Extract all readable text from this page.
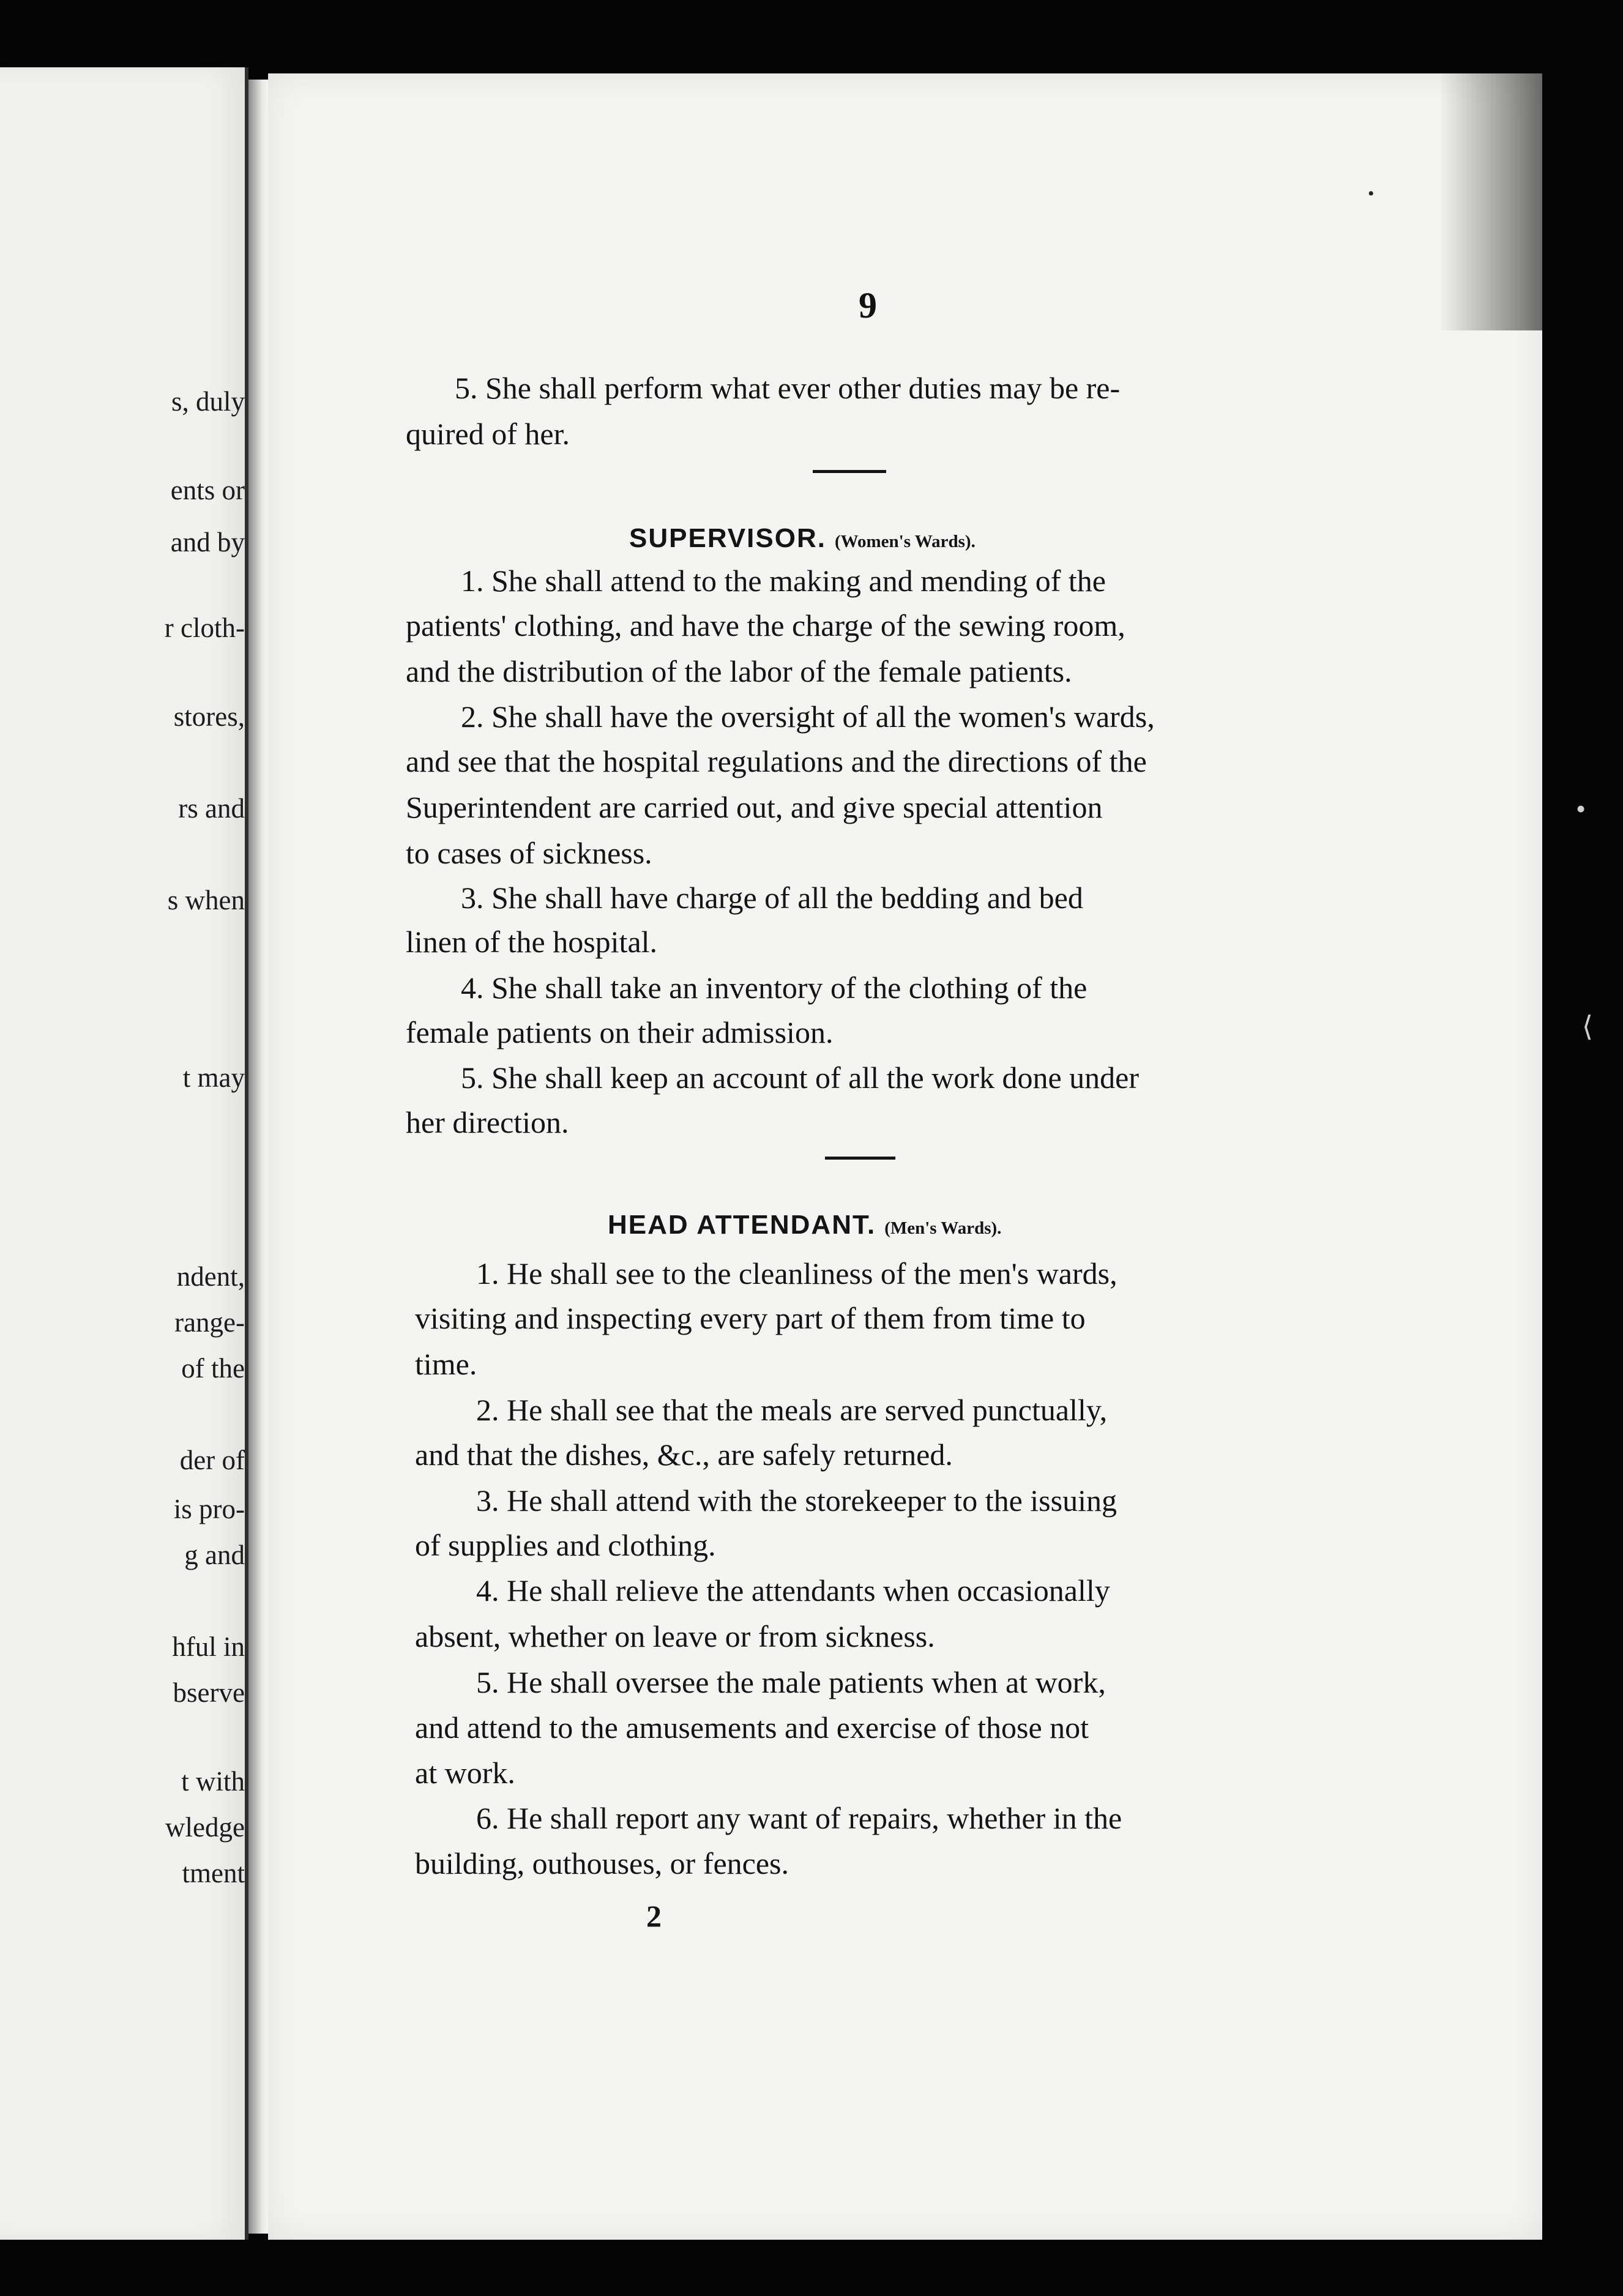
s, duly
ents or
and by
r cloth-
stores,
rs and
s when
t may
ndent,
range-
of the
der of
is pro-
g and
hful in
bserve
t with
wledge
tment
9
5. She shall perform what ever other duties may be re-
quired of her.
SUPERVISOR. (Women's Wards).
1. She shall attend to the making and mending of the
patients' clothing, and have the charge of the sewing room,
and the distribution of the labor of the female patients.
2. She shall have the oversight of all the women's wards,
and see that the hospital regulations and the directions of the
Superintendent are carried out, and give special attention
to cases of sickness.
3. She shall have charge of all the bedding and bed
linen of the hospital.
4. She shall take an inventory of the clothing of the
female patients on their admission.
5. She shall keep an account of all the work done under
her direction.
HEAD ATTENDANT. (Men's Wards).
1. He shall see to the cleanliness of the men's wards,
visiting and inspecting every part of them from time to
time.
2. He shall see that the meals are served punctually,
and that the dishes, &c., are safely returned.
3. He shall attend with the storekeeper to the issuing
of supplies and clothing.
4. He shall relieve the attendants when occasionally
absent, whether on leave or from sickness.
5. He shall oversee the male patients when at work,
and attend to the amusements and exercise of those not
at work.
6. He shall report any want of repairs, whether in the
building, outhouses, or fences.
2
•
⟨
•
